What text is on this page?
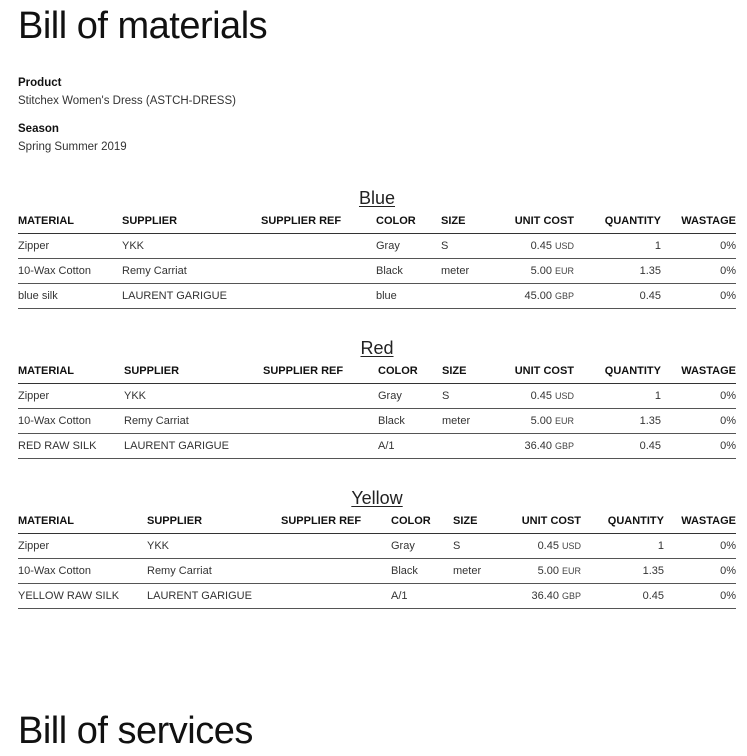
Bill of materials
Product
Stitchex Women's Dress (ASTCH-DRESS)
Season
Spring Summer 2019
Blue
MATERIAL	SUPPLIER	SUPPLIER REF	COLOR	SIZE	UNIT COST	QUANTITY	WASTAGE
Zipper	YKK		Gray	S	0.45 USD	1	0%
10-Wax Cotton	Remy Carriat		Black	meter	5.00 EUR	1.35	0%
blue silk	LAURENT GARIGUE		blue		45.00 GBP	0.45	0%
Red
MATERIAL	SUPPLIER	SUPPLIER REF	COLOR	SIZE	UNIT COST	QUANTITY	WASTAGE
Zipper	YKK		Gray	S	0.45 USD	1	0%
10-Wax Cotton	Remy Carriat		Black	meter	5.00 EUR	1.35	0%
RED RAW SILK	LAURENT GARIGUE		A/1		36.40 GBP	0.45	0%
Yellow
MATERIAL	SUPPLIER	SUPPLIER REF	COLOR	SIZE	UNIT COST	QUANTITY	WASTAGE
Zipper	YKK		Gray	S	0.45 USD	1	0%
10-Wax Cotton	Remy Carriat		Black	meter	5.00 EUR	1.35	0%
YELLOW RAW SILK	LAURENT GARIGUE		A/1		36.40 GBP	0.45	0%
Bill of services
